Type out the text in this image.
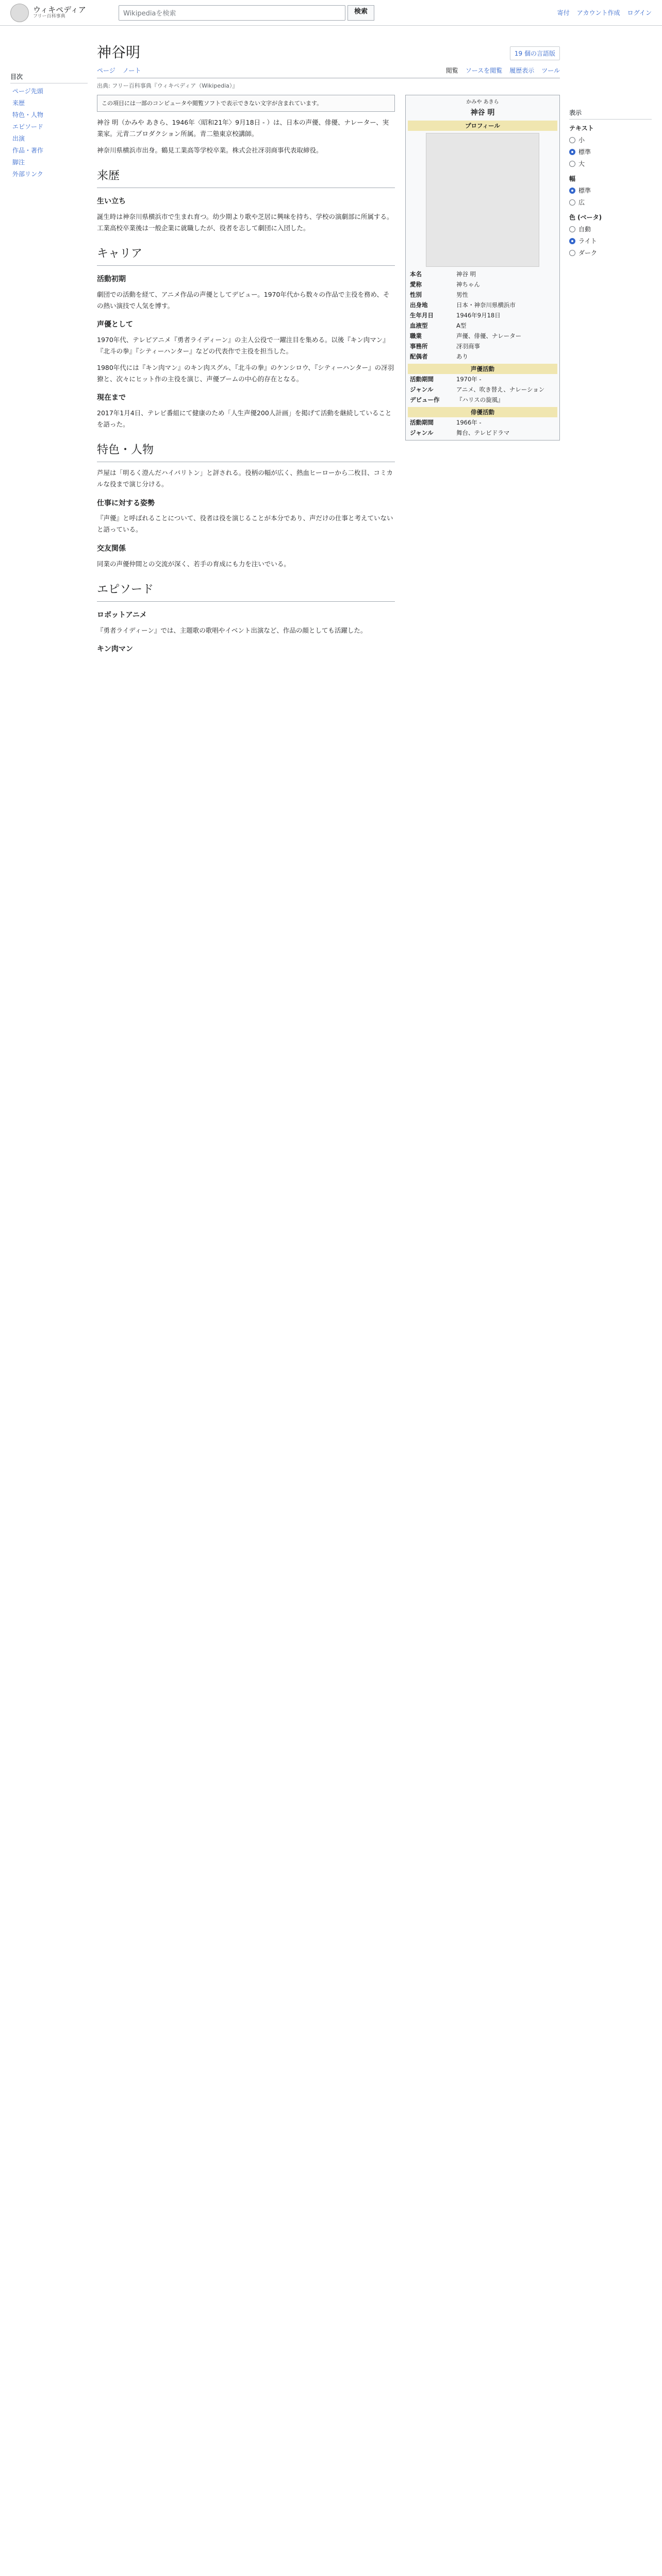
ウィキペディア
フリー百科事典	Wikipediaを検索	検索	寄付 アカウント作成 ログイン
目次
ページ先頭
来歴
特色・人物
エピソード
出演
作品・著作
脚注
外部リンク
神谷明	19 個の言語版
ページ ノート	閲覧 ソースを閲覧 履歴表示 ツール
出典: フリー百科事典『ウィキペディア（Wikipedia）』
この項目には一部のコンピュータや閲覧ソフトで表示できない文字が含まれています。

神谷 明（かみや あきら、1946年〈昭和21年〉9月18日 - ）は、日本の声優、俳優、ナレーター、実業家。元青二プロダクション所属。青二塾東京校講師。

神奈川県横浜市出身。鶴見工業高等学校卒業。株式会社冴羽商事代表取締役。

来歴
生い立ち

誕生時は神奈川県横浜市で生まれ育つ。幼少期より歌や芝居に興味を持ち、学校の演劇部に所属する。工業高校卒業後は一般企業に就職したが、役者を志して劇団に入団した。

キャリア
活動初期

劇団での活動を経て、アニメ作品の声優としてデビュー。1970年代から数々の作品で主役を務め、その熱い演技で人気を博す。

声優として

1970年代、テレビアニメ『勇者ライディーン』の主人公役で一躍注目を集める。以後『キン肉マン』『北斗の拳』『シティーハンター』などの代表作で主役を担当した。

1980年代には『キン肉マン』のキン肉スグル、『北斗の拳』のケンシロウ、『シティーハンター』の冴羽獠と、次々にヒット作の主役を演じ、声優ブームの中心的存在となる。

現在まで

2017年1月4日、テレビ番組にて健康のため「人生声優200人計画」を掲げて活動を継続していることを語った。

特色・人物

芦屋は「明るく澄んだハイバリトン」と評される。役柄の幅が広く、熱血ヒーローから二枚目、コミカルな役まで演じ分ける。

仕事に対する姿勢

『声優』と呼ばれることについて、役者は役を演じることが本分であり、声だけの仕事と考えていないと語っている。

交友関係

同業の声優仲間との交流が深く、若手の育成にも力を注いでいる。

エピソード
ロボットアニメ

『勇者ライディーン』では、主題歌の歌唱やイベント出演など、作品の顔としても活躍した。

キン肉マン
かみや あきら
神谷 明
プロフィール
本名	神谷 明
愛称	神ちゃん
性別	男性
出身地	日本・神奈川県横浜市
生年月日	1946年9月18日
血液型	A型
職業	声優、俳優、ナレーター
事務所	冴羽商事
配偶者	あり
声優活動
活動期間	1970年 -
ジャンル	アニメ、吹き替え、ナレーション
デビュー作	『ハリスの旋風』
俳優活動
活動期間	1966年 -
ジャンル	舞台、テレビドラマ
表示
テキスト
小
標準
大
幅
標準
広
色 (ベータ)
自動
ライト
ダーク
